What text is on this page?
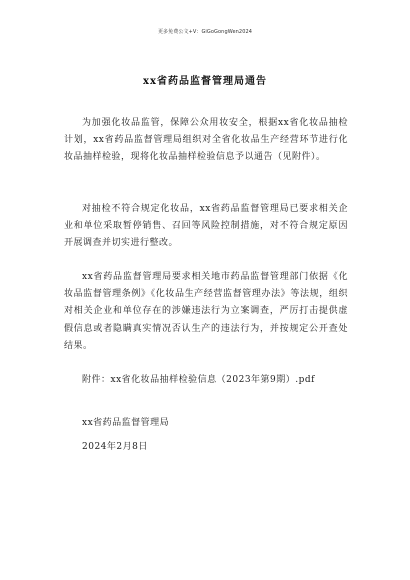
更多免费公文+V：GiGoGongWen2024
xx省药品监督管理局通告

为加强化妆品监管，保障公众用妆安全，根据xx省化妆品抽检计划，xx省药品监督管理局组织对全省化妆品生产经营环节进行化妆品抽样检验，现将化妆品抽样检验信息予以通告（见附件）。

对抽检不符合规定化妆品，xx省药品监督管理局已要求相关企业和单位采取暂停销售、召回等风险控制措施，对不符合规定原因开展调查并切实进行整改。

xx省药品监督管理局要求相关地市药品监督管理部门依据《化妆品监督管理条例》《化妆品生产经营监督管理办法》等法规，组织对相关企业和单位存在的涉嫌违法行为立案调查，严厉打击提供虚假信息或者隐瞒真实情况否认生产的违法行为，并按规定公开查处结果。

附件：xx省化妆品抽样检验信息（2023年第9期）.pdf

xx省药品监督管理局

2024年2月8日
